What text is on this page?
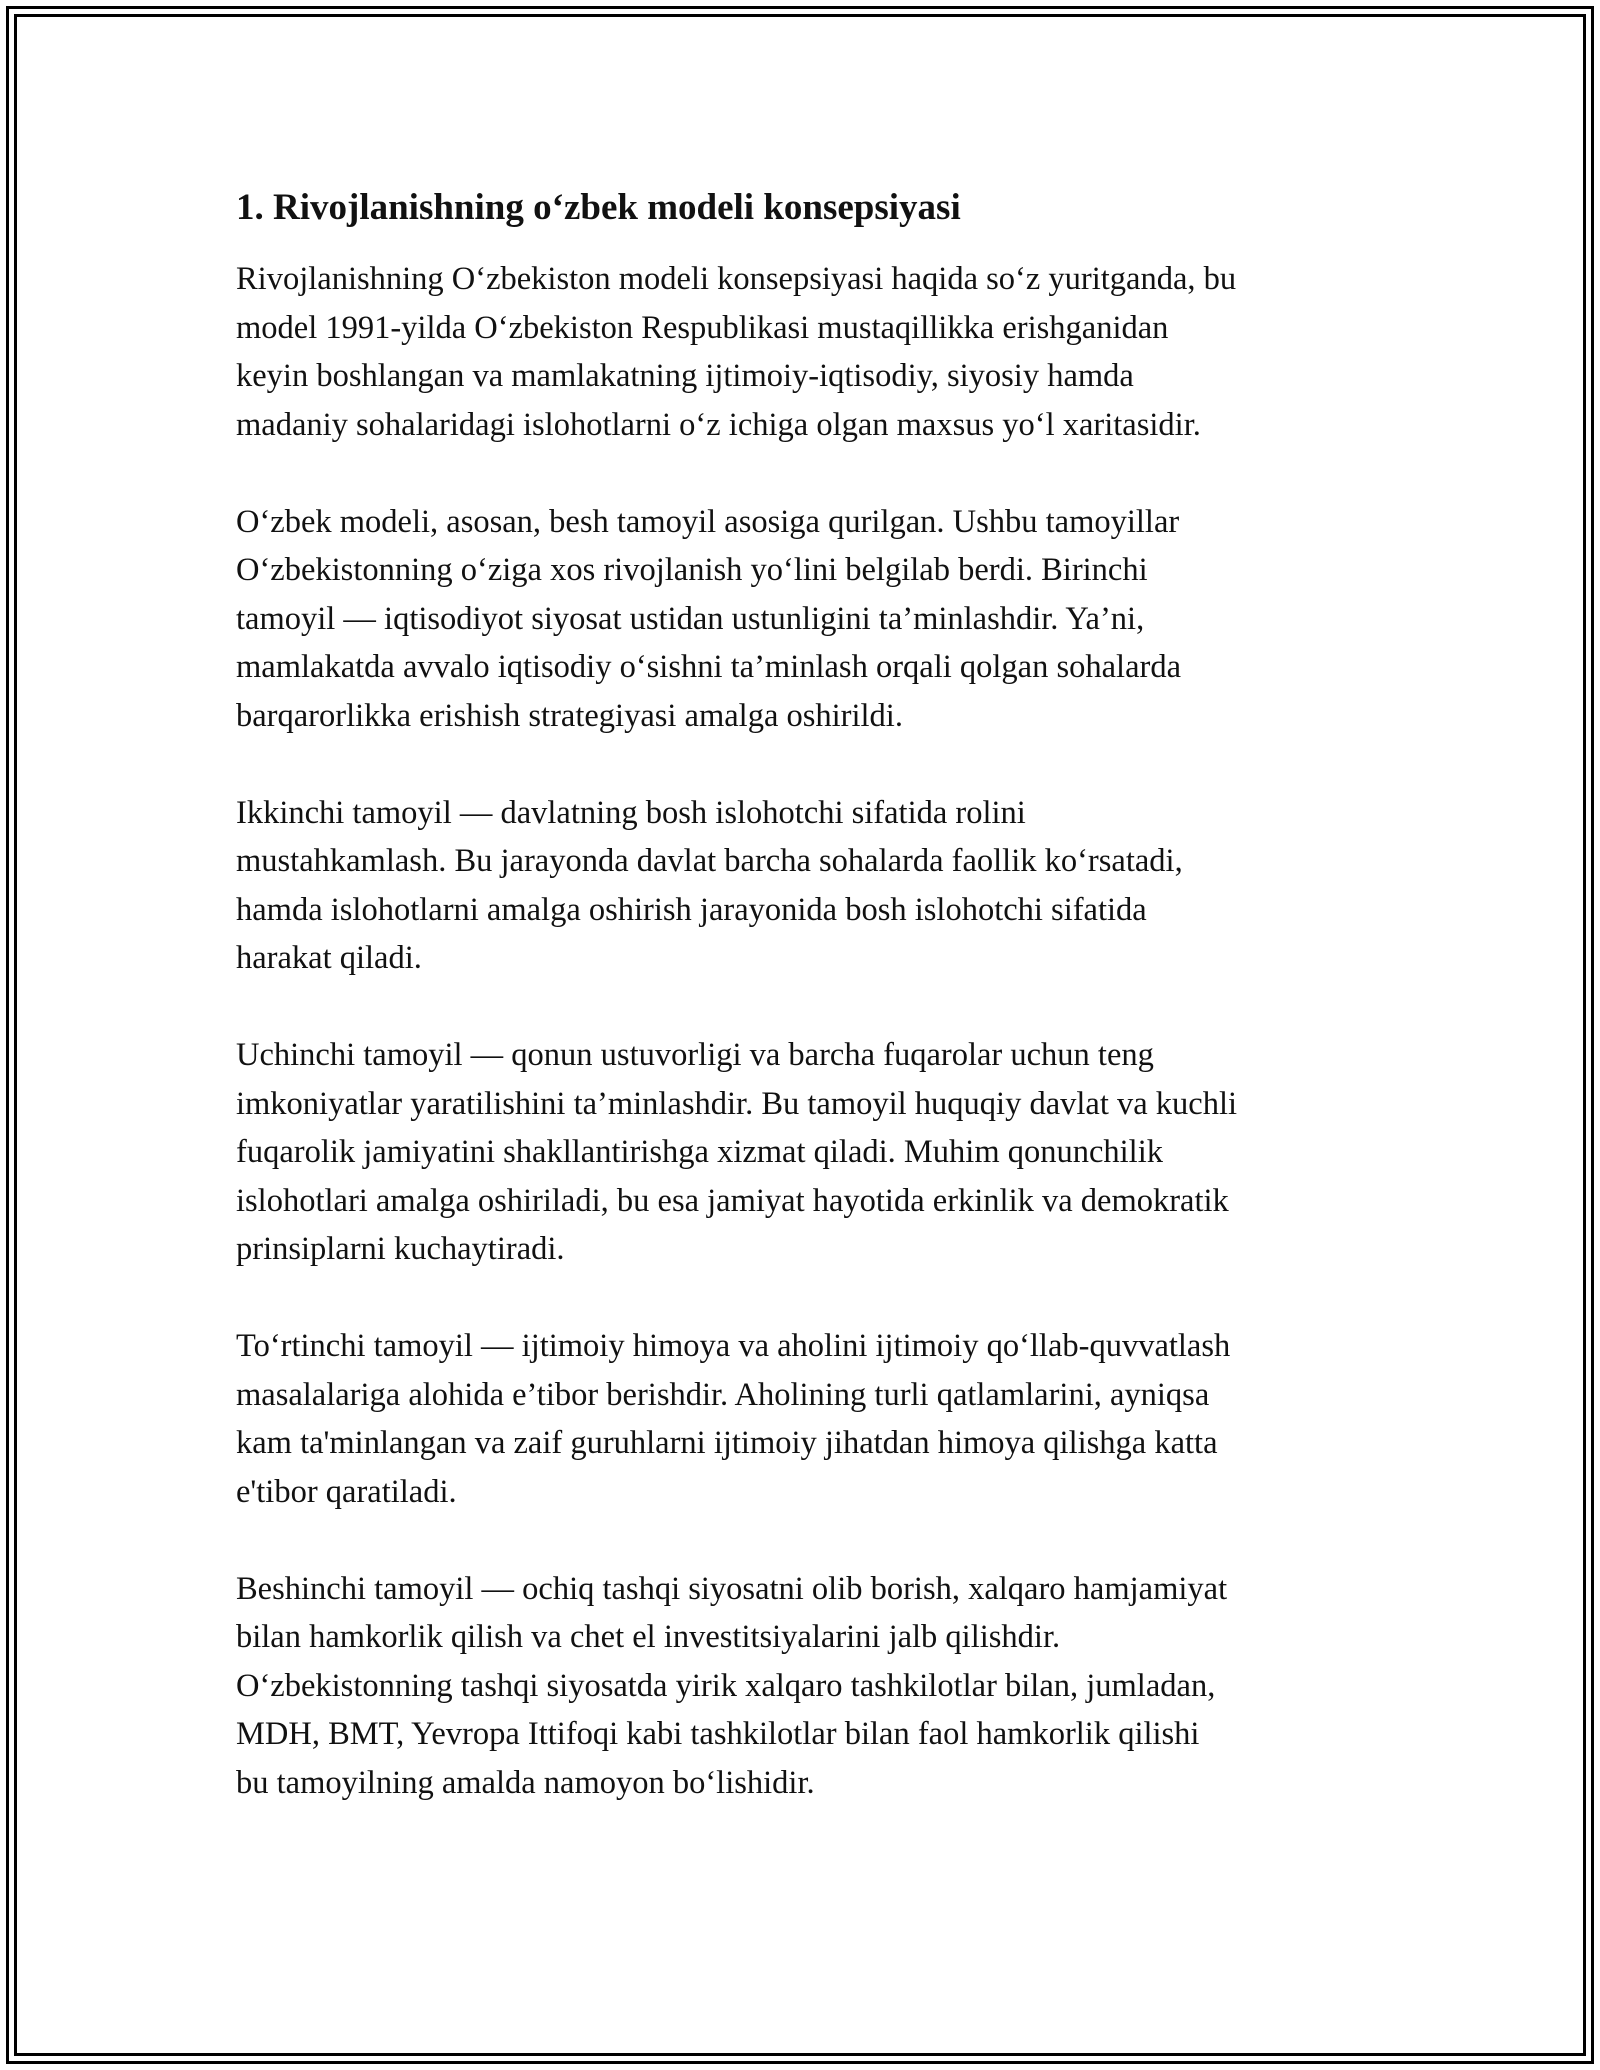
1. Rivojlanishning o‘zbek modeli konsepsiyasi
Rivojlanishning O‘zbekiston modeli konsepsiyasi haqida so‘z yuritganda, bu
model 1991-yilda O‘zbekiston Respublikasi mustaqillikka erishganidan
keyin boshlangan va mamlakatning ijtimoiy-iqtisodiy, siyosiy hamda
madaniy sohalaridagi islohotlarni o‘z ichiga olgan maxsus yo‘l xaritasidir.
O‘zbek modeli, asosan, besh tamoyil asosiga qurilgan. Ushbu tamoyillar
O‘zbekistonning o‘ziga xos rivojlanish yo‘lini belgilab berdi. Birinchi
tamoyil — iqtisodiyot siyosat ustidan ustunligini ta’minlashdir. Ya’ni,
mamlakatda avvalo iqtisodiy o‘sishni ta’minlash orqali qolgan sohalarda
barqarorlikka erishish strategiyasi amalga oshirildi.
Ikkinchi tamoyil — davlatning bosh islohotchi sifatida rolini
mustahkamlash. Bu jarayonda davlat barcha sohalarda faollik ko‘rsatadi,
hamda islohotlarni amalga oshirish jarayonida bosh islohotchi sifatida
harakat qiladi.
Uchinchi tamoyil — qonun ustuvorligi va barcha fuqarolar uchun teng
imkoniyatlar yaratilishini ta’minlashdir. Bu tamoyil huquqiy davlat va kuchli
fuqarolik jamiyatini shakllantirishga xizmat qiladi. Muhim qonunchilik
islohotlari amalga oshiriladi, bu esa jamiyat hayotida erkinlik va demokratik
prinsiplarni kuchaytiradi.
To‘rtinchi tamoyil — ijtimoiy himoya va aholini ijtimoiy qo‘llab-quvvatlash
masalalariga alohida e’tibor berishdir. Aholining turli qatlamlarini, ayniqsa
kam ta'minlangan va zaif guruhlarni ijtimoiy jihatdan himoya qilishga katta
e'tibor qaratiladi.
Beshinchi tamoyil — ochiq tashqi siyosatni olib borish, xalqaro hamjamiyat
bilan hamkorlik qilish va chet el investitsiyalarini jalb qilishdir.
O‘zbekistonning tashqi siyosatda yirik xalqaro tashkilotlar bilan, jumladan,
MDH, BMT, Yevropa Ittifoqi kabi tashkilotlar bilan faol hamkorlik qilishi
bu tamoyilning amalda namoyon bo‘lishidir.
